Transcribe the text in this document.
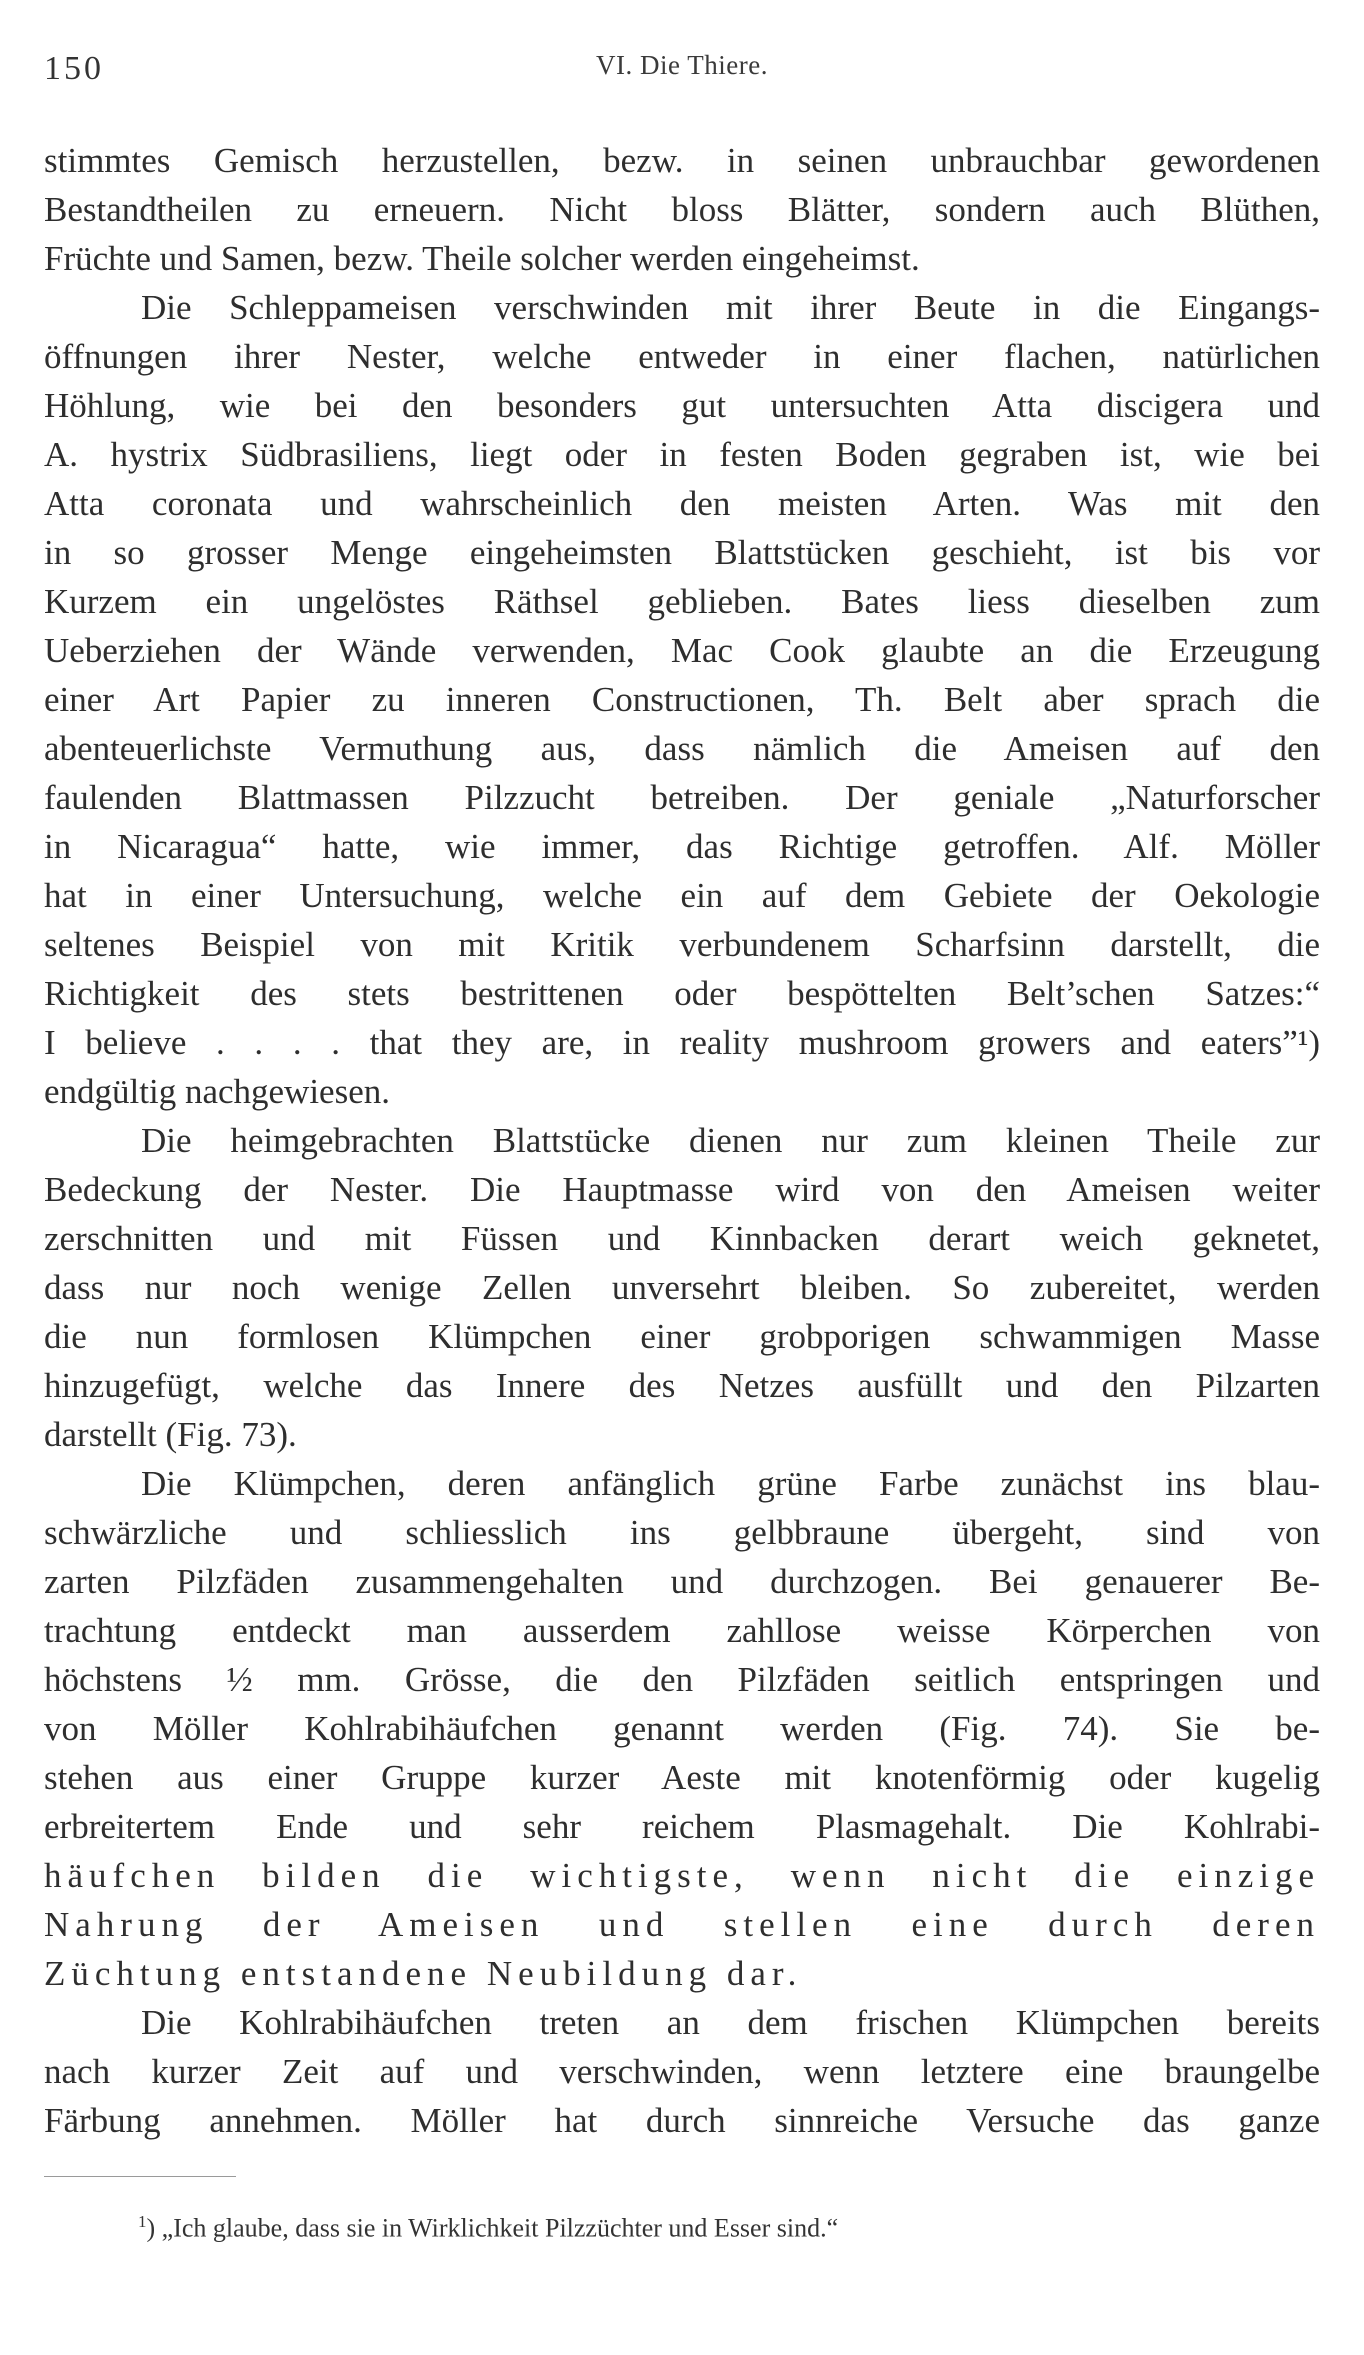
150	VI. Die Thiere.
stimmtes Gemisch herzustellen, bezw. in seinen unbrauchbar gewordenen
Bestandtheilen zu erneuern. Nicht bloss Blätter, sondern auch Blüthen,
Früchte und Samen, bezw. Theile solcher werden eingeheimst.
Die Schleppameisen verschwinden mit ihrer Beute in die Eingangs-
öffnungen ihrer Nester, welche entweder in einer flachen, natürlichen
Höhlung, wie bei den besonders gut untersuchten Atta discigera und
A. hystrix Südbrasiliens, liegt oder in festen Boden gegraben ist, wie bei
Atta coronata und wahrscheinlich den meisten Arten. Was mit den
in so grosser Menge eingeheimsten Blattstücken geschieht, ist bis vor
Kurzem ein ungelöstes Räthsel geblieben. Bates liess dieselben zum
Ueberziehen der Wände verwenden, Mac Cook glaubte an die Erzeugung
einer Art Papier zu inneren Constructionen, Th. Belt aber sprach die
abenteuerlichste Vermuthung aus, dass nämlich die Ameisen auf den
faulenden Blattmassen Pilzzucht betreiben. Der geniale „Naturforscher
in Nicaragua“ hatte, wie immer, das Richtige getroffen. Alf. Möller
hat in einer Untersuchung, welche ein auf dem Gebiete der Oekologie
seltenes Beispiel von mit Kritik verbundenem Scharfsinn darstellt, die
Richtigkeit des stets bestrittenen oder bespöttelten Belt’schen Satzes:“
I believe . . . . that they are, in reality mushroom growers and eaters”¹)
endgültig nachgewiesen.
Die heimgebrachten Blattstücke dienen nur zum kleinen Theile zur
Bedeckung der Nester. Die Hauptmasse wird von den Ameisen weiter
zerschnitten und mit Füssen und Kinnbacken derart weich geknetet,
dass nur noch wenige Zellen unversehrt bleiben. So zubereitet, werden
die nun formlosen Klümpchen einer grobporigen schwammigen Masse
hinzugefügt, welche das Innere des Netzes ausfüllt und den Pilzarten
darstellt (Fig. 73).
Die Klümpchen, deren anfänglich grüne Farbe zunächst ins blau-
schwärzliche und schliesslich ins gelbbraune übergeht, sind von
zarten Pilzfäden zusammengehalten und durchzogen. Bei genauerer Be-
trachtung entdeckt man ausserdem zahllose weisse Körperchen von
höchstens ½ mm. Grösse, die den Pilzfäden seitlich entspringen und
von Möller Kohlrabihäufchen genannt werden (Fig. 74). Sie be-
stehen aus einer Gruppe kurzer Aeste mit knotenförmig oder kugelig
erbreitertem Ende und sehr reichem Plasmagehalt. Die Kohlrabi-
häufchen bilden die wichtigste, wenn nicht die einzige
Nahrung der Ameisen und stellen eine durch deren
Züchtung entstandene Neubildung dar.
Die Kohlrabihäufchen treten an dem frischen Klümpchen bereits
nach kurzer Zeit auf und verschwinden, wenn letztere eine braungelbe
Färbung annehmen. Möller hat durch sinnreiche Versuche das ganze
$^1$) „Ich glaube, dass sie in Wirklichkeit Pilzzüchter und Esser sind.“
